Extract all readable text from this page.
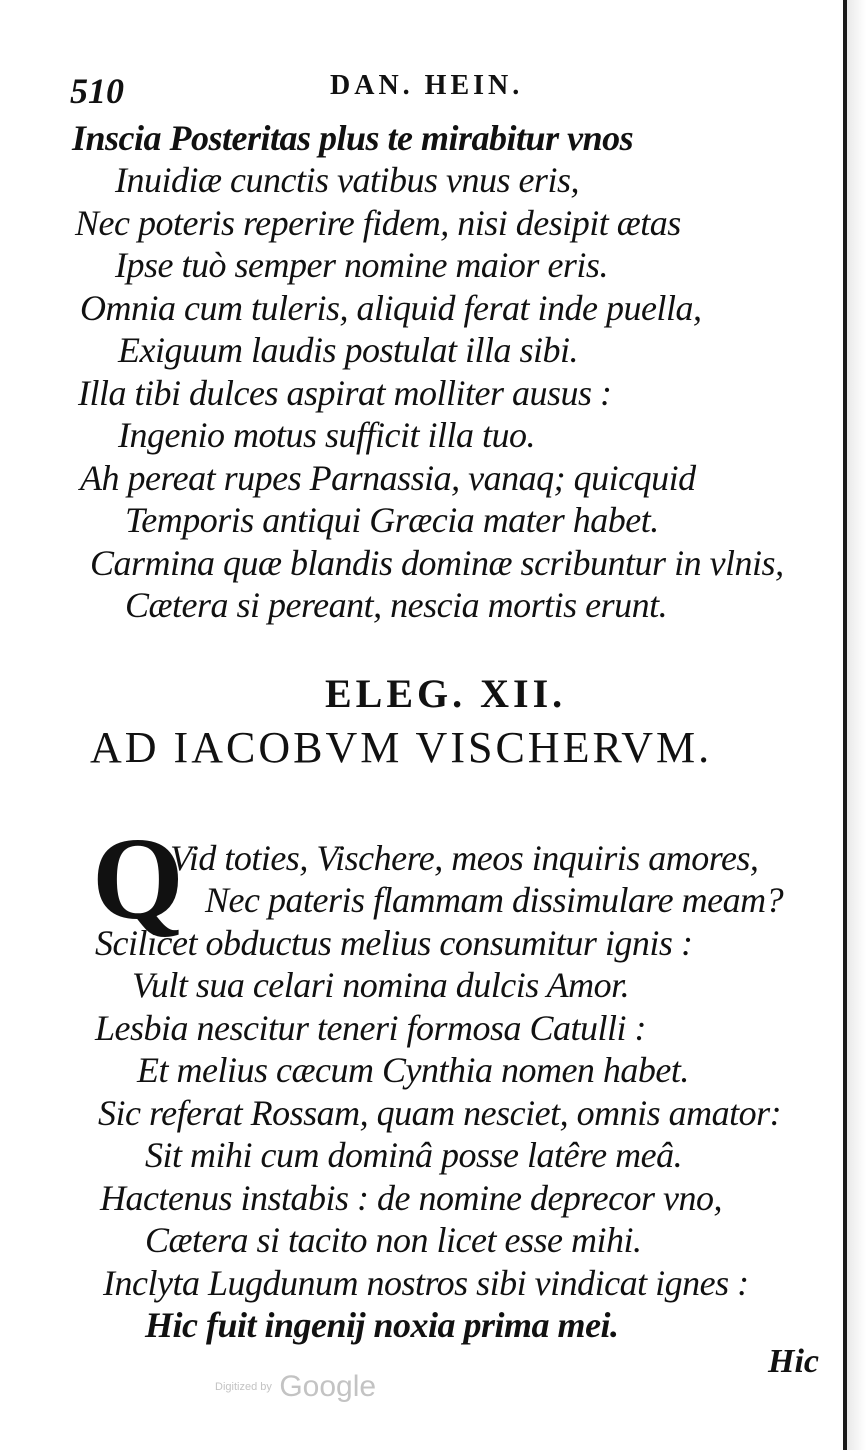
510	DAN. HEIN.
Inscia Posteritas plus te mirabitur vnos
Inuidiæ cunctis vatibus vnus eris,
Nec poteris reperire fidem, nisi desipit ætas
Ipse tuò semper nomine maior eris.
Omnia cum tuleris, aliquid ferat inde puella,
Exiguum laudis postulat illa sibi.
Illa tibi dulces aspirat molliter ausus :
Ingenio motus sufficit illa tuo.
Ah pereat rupes Parnassia, vanaq; quicquid
Temporis antiqui Græcia mater habet.
Carmina quæ blandis dominæ scribuntur in vlnis,
Cætera si pereant, nescia mortis erunt.
ELEG. XII.
AD IACOBVM VISCHERVM.
Q
Vid toties, Vischere, meos inquiris amores,
Nec pateris flammam dissimulare meam?
Scilicet obductus melius consumitur ignis :
Vult sua celari nomina dulcis Amor.
Lesbia nescitur teneri formosa Catulli :
Et melius cæcum Cynthia nomen habet.
Sic referat Rossam, quam nesciet, omnis amator:
Sit mihi cum dominâ posse latêre meâ.
Hactenus instabis : de nomine deprecor vno,
Cætera si tacito non licet esse mihi.
Inclyta Lugdunum nostros sibi vindicat ignes :
Hic fuit ingenij noxia prima mei.
Hic
Digitized by Google
